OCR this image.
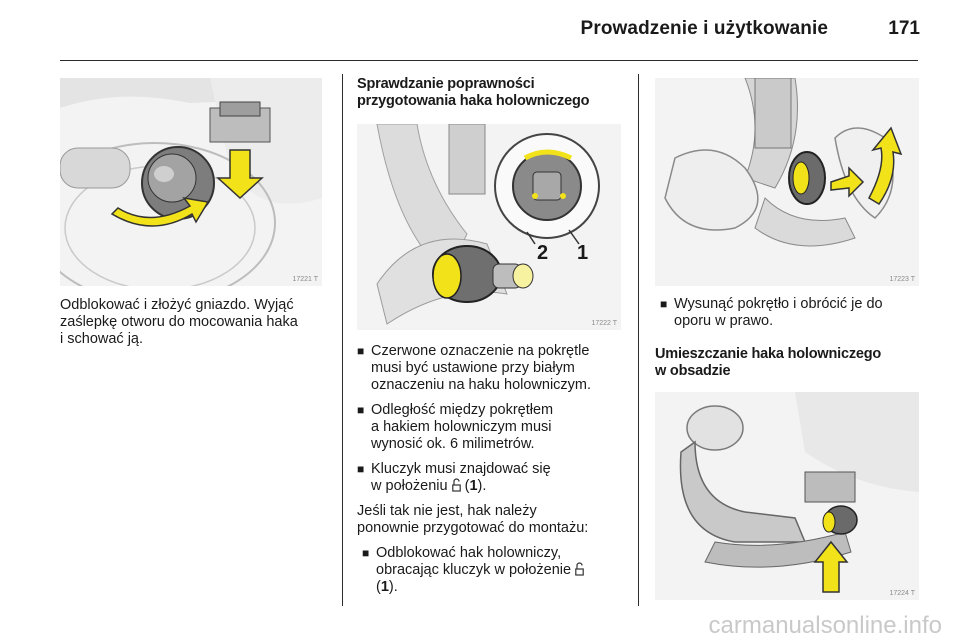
Prowadzenie i użytkowanie	171
17221 T

Odblokować i złożyć gniazdo. Wyjąć
zaślepkę otworu do mocowania haka
i schować ją.

Sprawdzanie poprawności
przygotowania haka holowniczego
2 1
17222 T
■ Czerwone oznaczenie na pokrętle
musi być ustawione przy białym
oznaczeniu na haku holowniczym.
■ Odległość między pokrętłem
a hakiem holowniczym musi
wynosić ok. 6 milimetrów.
■ Kluczyk musi znajdować się
w położeniu  (1).

Jeśli tak nie jest, hak należy
ponownie przygotować do montażu:

■ Odblokować hak holowniczy,
obracając kluczyk w położenie
(1).
17223 T
■ Wysunąć pokrętło i obrócić je do
oporu w prawo.
Umieszczanie haka holowniczego
w obsadzie
17224 T
carmanualsonline.info
